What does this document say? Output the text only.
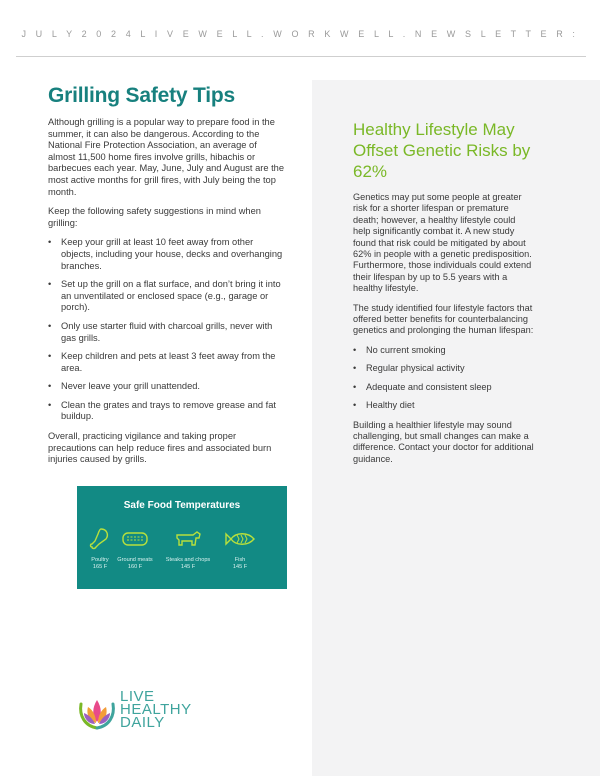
J U L Y 2 0 2 4 L I V E W E L L . W O R K W E L L . N E W S L E T T E R :
Grilling Safety Tips

Although grilling is a popular way to prepare food in the summer, it can also be dangerous. According to the National Fire Protection Association, an average of almost 11,500 home fires involve grills, hibachis or barbecues each year. May, June, July and August are the most active months for grill fires, with July being the top month.

Keep the following safety suggestions in mind when grilling:

• Keep your grill at least 10 feet away from other objects, including your house, decks and overhanging branches.
• Set up the grill on a flat surface, and don’t bring it into an unventilated or enclosed space (e.g., garage or porch).
• Only use starter fluid with charcoal grills, never with gas grills.
• Keep children and pets at least 3 feet away from the area.
• Never leave your grill unattended.
• Clean the grates and trays to remove grease and fat buildup.

Overall, practicing vigilance and taking proper precautions can help reduce fires and associated burn injuries caused by grills.

Safe Food Temperatures
Poultry
165 F
Ground meats
160 F
Steaks and chops
145 F
Fish
145 F
Healthy Lifestyle May Offset Genetic Risks by 62%

Genetics may put some people at greater risk for a shorter lifespan or premature death; however, a healthy lifestyle could help significantly combat it. A new study found that risk could be mitigated by about 62% in people with a genetic predisposition. Furthermore, those individuals could extend their lifespan by up to 5.5 years with a healthy lifestyle.

The study identified four lifestyle factors that offered better benefits for counterbalancing genetics and prolonging the human lifespan:

• No current smoking
• Regular physical activity
• Adequate and consistent sleep
• Healthy diet

Building a healthier lifestyle may sound challenging, but small changes can make a difference. Contact your doctor for additional guidance.

LIVE
HEALTHY
DAILY
